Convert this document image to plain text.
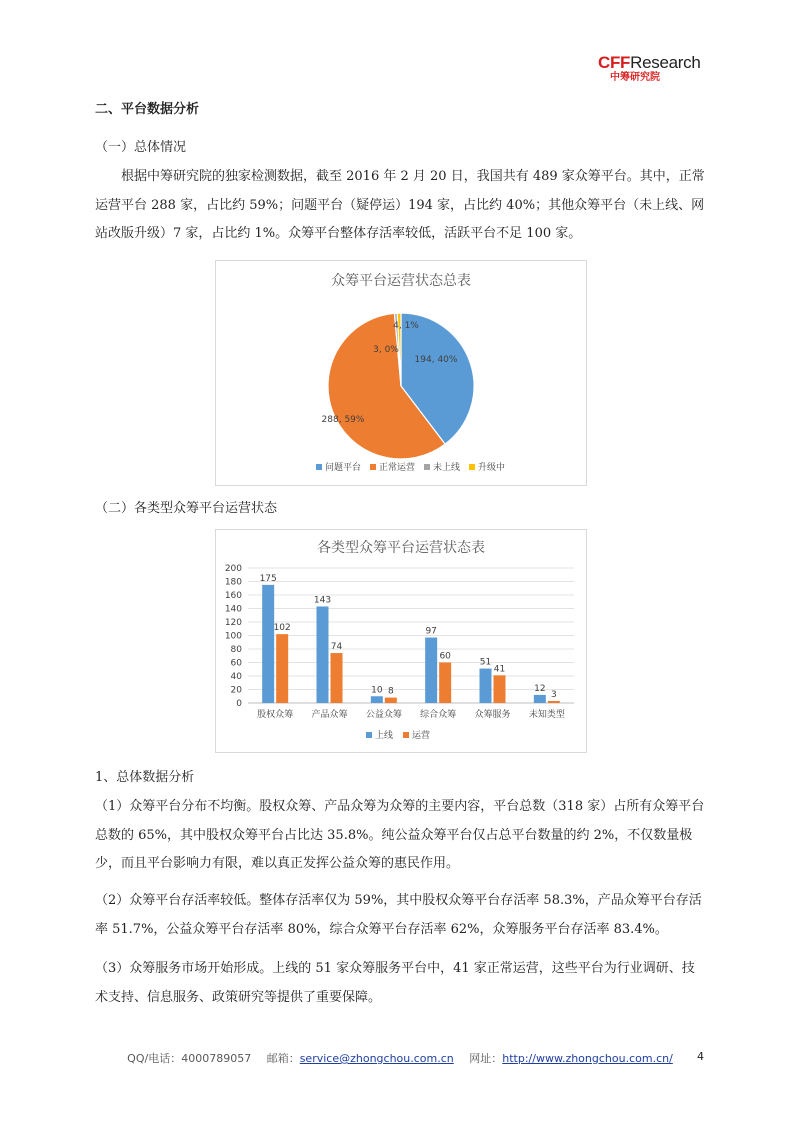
CFFResearch
中筹研究院
二、平台数据分析
（一）总体情况
根据中筹研究院的独家检测数据，截至 2016 年 2 月 20 日，我国共有 489 家众筹平台。其中，正常运营平台 288 家，占比约 59%；问题平台（疑停运）194 家，占比约 40%；其他众筹平台（未上线、网站改版升级）7 家，占比约 1%。众筹平台整体存活率较低，活跃平台不足 100 家。
众筹平台运营状态总表
194, 40%
288, 59%
3, 0%
4, 1%
问题平台 正常运营 未上线 升级中
（二）各类型众筹平台运营状态
各类型众筹平台运营状态表
0
20
40
60
80
100
120
140
160
180
200
175
102
股权众筹
143
74
产品众筹
10 8
公益众筹
97
60
综合众筹
51
41
众筹服务
12
3
未知类型
上线 运营
1、总体数据分析
（1）众筹平台分布不均衡。股权众筹、产品众筹为众筹的主要内容，平台总数（318 家）占所有众筹平台总数的 65%，其中股权众筹平台占比达 35.8%。纯公益众筹平台仅占总平台数量的约 2%，不仅数量极少，而且平台影响力有限，难以真正发挥公益众筹的惠民作用。
（2）众筹平台存活率较低。整体存活率仅为 59%，其中股权众筹平台存活率 58.3%，产品众筹平台存活率 51.7%，公益众筹平台存活率 80%，综合众筹平台存活率 62%，众筹服务平台存活率 83.4%。
（3）众筹服务市场开始形成。上线的 51 家众筹服务平台中，41 家正常运营，这些平台为行业调研、技术支持、信息服务、政策研究等提供了重要保障。
QQ/电话：4000789057 邮箱：service@zhongchou.com.cn 网址：http://www.zhongchou.com.cn/	4
